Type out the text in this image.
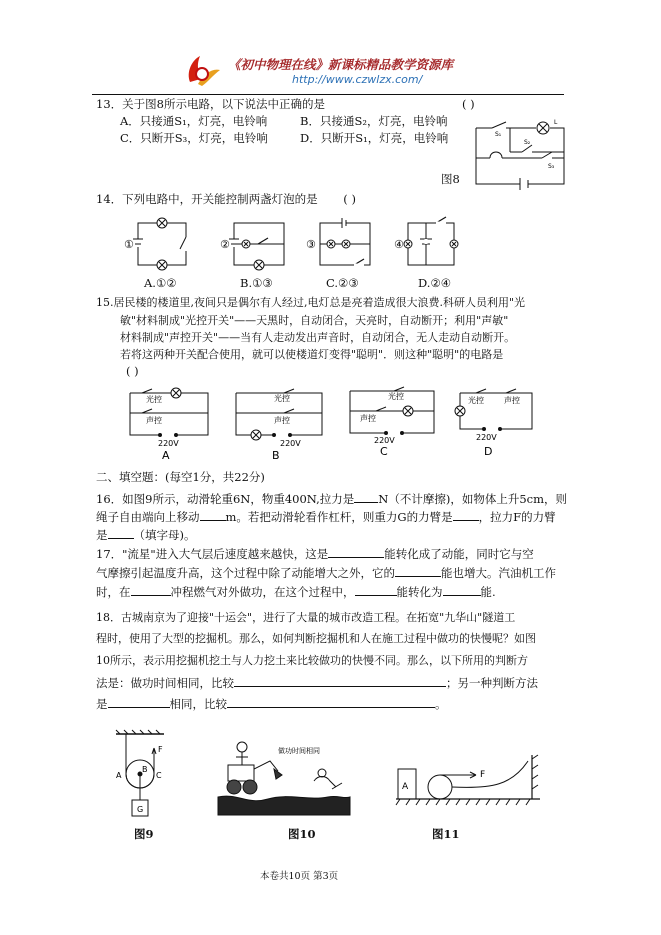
《初中物理在线》新课标精品教学资源库
http://www.czwlzx.com/
13．关于图8所示电路，以下说法中正确的是	( )
A．只接通S₁，灯亮，电铃响	B．只接通S₂，灯亮，电铃响
C．只断开S₃，灯亮，电铃响	D．只断开S₁，灯亮，电铃响	S₁
L
S₂
S₃
图8
14．下列电路中，开关能控制两盏灯泡的是 ( )
①	②	③	④
A.①②	B.①③	C.②③	D.②④
15.居民楼的楼道里,夜间只是偶尔有人经过,电灯总是亮着造成很大浪费.科研人员利用"光
敏"材料制成"光控开关"——天黑时，自动闭合，天亮时，自动断开；利用"声敏"
材料制成"声控开关"——当有人走动发出声音时，自动闭合，无人走动自动断开。
若将这两种开关配合使用，就可以使楼道灯变得"聪明"．则这种"聪明"的电路是
( )
光控
声控
220V
光控
声控
220V
光控
声控
220V
光控	声控
220V
A	B	C	D
二、填空题：(每空1分，共22分)
16．如图9所示，动滑轮重6N，物重400N,拉力是 N（不计摩擦)，如物体上升5cm，则
绳子自由端向上移动 m。若把动滑轮看作杠杆，则重力G的力臂是 ，拉力F的力臂
是 （填字母)。
17．"流星"进入大气层后速度越来越快，这是	能转化成了动能，同时它与空
气摩擦引起温度升高，这个过程中除了动能增大之外，它的	能也增大。汽油机工作
时，在	冲程燃气对外做功，在这个过程中，	能转化为	能.
18．古城南京为了迎接"十运会"，进行了大量的城市改造工程。在拓宽"九华山"隧道工
程时，使用了大型的挖掘机。那么，如何判断挖掘机和人在施工过程中做功的快慢呢？如图
10所示，表示用挖掘机挖土与人力挖土来比较做功的快慢不同。那么，以下所用的判断方
法是：做功时间相同，比较	；另一种判断方法
是	相同，比较	。
A
B
C
F
G
图9
做功时间相同
图10
A
F
图11
本卷共10页 第3页
